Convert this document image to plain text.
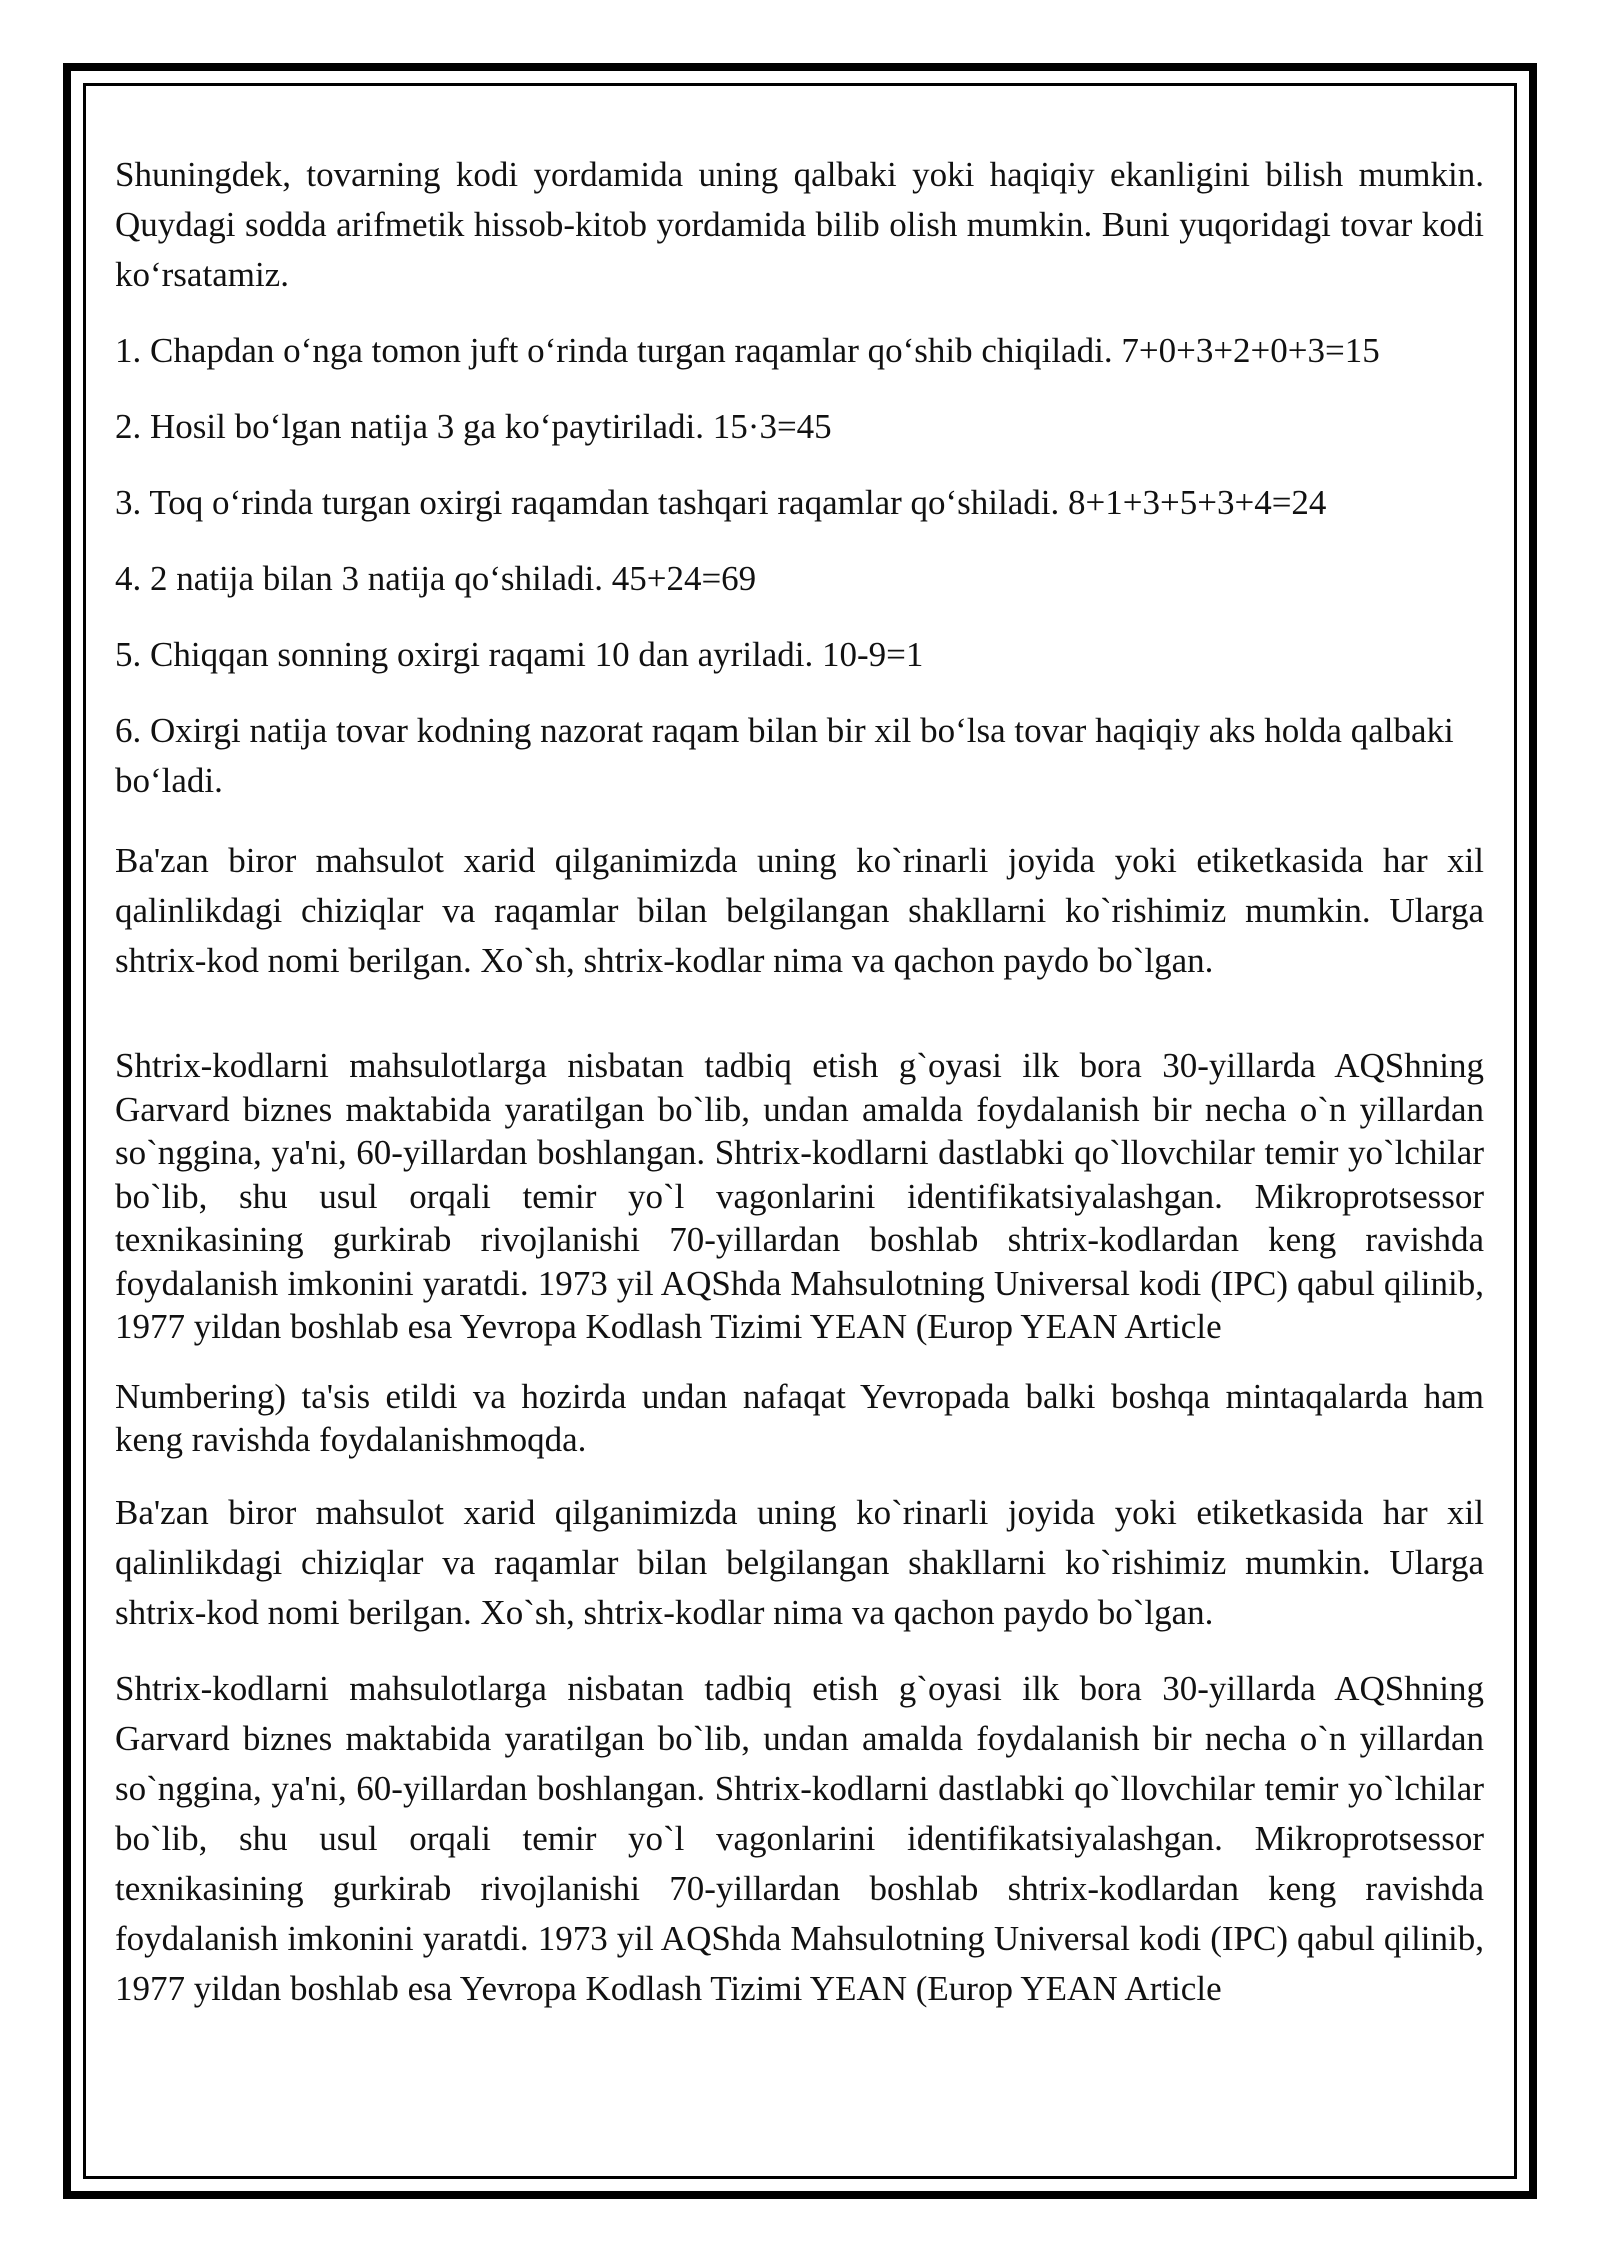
Shuningdek, tovarning kodi yordamida uning qalbaki yoki haqiqiy ekanligini bilish mumkin. Quydagi sodda arifmetik hissob-kitob yordamida bilib olish mumkin. Buni yuqoridagi tovar kodi ko‘rsatamiz.

1. Chapdan o‘nga tomon juft o‘rinda turgan raqamlar qo‘shib chiqiladi. 7+0+3+2+0+3=15

2. Hosil bo‘lgan natija 3 ga ko‘paytiriladi. 15·3=45

3. Toq o‘rinda turgan oxirgi raqamdan tashqari raqamlar qo‘shiladi. 8+1+3+5+3+4=24

4. 2 natija bilan 3 natija qo‘shiladi. 45+24=69

5. Chiqqan sonning oxirgi raqami 10 dan ayriladi. 10-9=1

6. Oxirgi natija tovar kodning nazorat raqam bilan bir xil bo‘lsa tovar haqiqiy aks holda qalbaki bo‘ladi.

Ba'zan biror mahsulot xarid qilganimizda uning ko`rinarli joyida yoki etiketkasida har xil qalinlikdagi chiziqlar va raqamlar bilan belgilangan shakllarni ko`rishimiz mumkin. Ularga shtrix-kod nomi berilgan. Xo`sh, shtrix-kodlar nima va qachon paydo bo`lgan.

Shtrix-kodlarni mahsulotlarga nisbatan tadbiq etish g`oyasi ilk bora 30-yillarda AQShning Garvard biznes maktabida yaratilgan bo`lib, undan amalda foydalanish bir necha o`n yillardan so`nggina, ya'ni, 60-yillardan boshlangan. Shtrix-kodlarni dastlabki qo`llovchilar temir yo`lchilar bo`lib, shu usul orqali temir yo`l vagonlarini identifikatsiyalashgan. Mikroprotsessor texnikasining gurkirab rivojlanishi 70-yillardan boshlab shtrix-kodlardan keng ravishda foydalanish imkonini yaratdi. 1973 yil AQShda Mahsulotning Universal kodi (IPC) qabul qilinib, 1977 yildan boshlab esa Yevropa Kodlash Tizimi YEAN (Europ YEAN Article

Numbering) ta'sis etildi va hozirda undan nafaqat Yevropada balki boshqa mintaqalarda ham keng ravishda foydalanishmoqda.

Ba'zan biror mahsulot xarid qilganimizda uning ko`rinarli joyida yoki etiketkasida har xil qalinlikdagi chiziqlar va raqamlar bilan belgilangan shakllarni ko`rishimiz mumkin. Ularga shtrix-kod nomi berilgan. Xo`sh, shtrix-kodlar nima va qachon paydo bo`lgan.

Shtrix-kodlarni mahsulotlarga nisbatan tadbiq etish g`oyasi ilk bora 30-yillarda AQShning Garvard biznes maktabida yaratilgan bo`lib, undan amalda foydalanish bir necha o`n yillardan so`nggina, ya'ni, 60-yillardan boshlangan. Shtrix-kodlarni dastlabki qo`llovchilar temir yo`lchilar bo`lib, shu usul orqali temir yo`l vagonlarini identifikatsiyalashgan. Mikroprotsessor texnikasining gurkirab rivojlanishi 70-yillardan boshlab shtrix-kodlardan keng ravishda foydalanish imkonini yaratdi. 1973 yil AQShda Mahsulotning Universal kodi (IPC) qabul qilinib, 1977 yildan boshlab esa Yevropa Kodlash Tizimi YEAN (Europ YEAN Article
